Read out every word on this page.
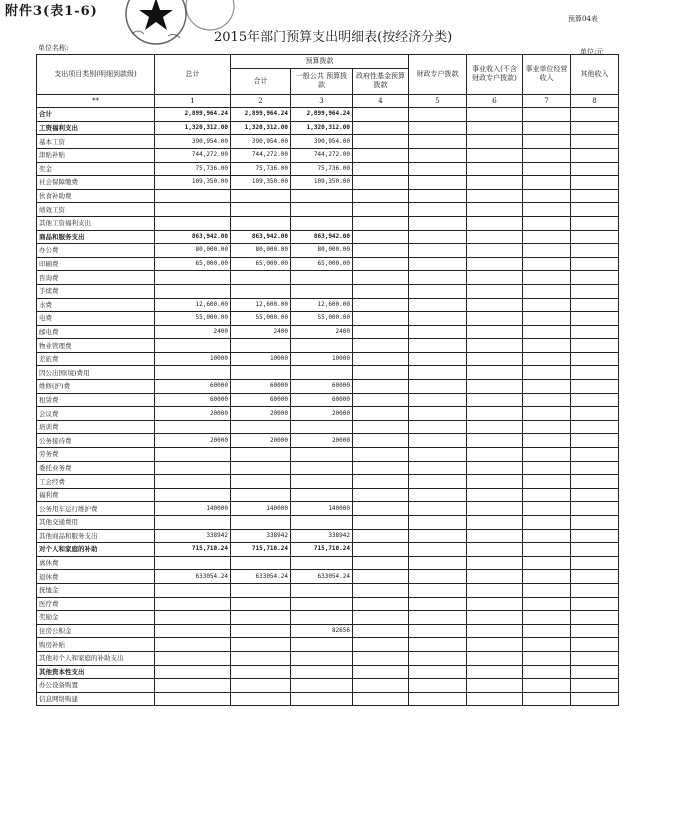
附件3(表1-6)	预算04表
2015年部门预算支出明细表(按经济分类)
单位名称:	单位:元
支出项目类别(明细到款级)	总计	预算拨款			财政专户拨款	事业收入(不含财政专户拨款)	事业单位经营收入	其他收入
		合计	一般公共 预算拨款	政府性基金预算拨款				
**	1	2	3	4	5	6	7	8
合计	2,899,964.24	2,899,964.24	2,899,964.24					
工资福利支出	1,320,312.00	1,320,312.00	1,320,312.00					
基本工资	390,954.00	390,954.00	390,954.00					
津贴补贴	744,272.00	744,272.00	744,272.00					
奖金	75,736.00	75,736.00	75,736.00					
社会保障缴费	109,350.00	109,350.00	109,350.00					
伙食补助费								
绩效工资								
其他工资福利支出								
商品和服务支出	863,942.00	863,942.00	863,942.00					
办公费	80,000.00	80,000.00	80,000.00					
印刷费	65,000.00	65,000.00	65,000.00					
咨询费								
手续费								
水费	12,600.00	12,600.00	12,600.00					
电费	55,000.00	55,000.00	55,000.00					
邮电费	2400	2400	2400					
物业管理费								
差旅费	10000	10000	10000					
因公出国(境)费用								
维修(护)费	60000	60000	60000					
租赁费	60000	60000	60000					
会议费	20000	20000	20000					
培训费								
公务接待费	20000	20000	20000					
劳务费								
委托业务费								
工会经费								
福利费								
公务用车运行维护费	140000	140000	140000					
其他交通费用								
其他商品和服务支出	338942	338942	338942					
对个人和家庭的补助	715,710.24	715,710.24	715,710.24					
离休费								
退休费	633054.24	633054.24	633054.24					
抚恤金								
医疗费								
奖励金								
住房公积金			82656					
购房补贴								
其他对个人和家庭的补助支出								
其他资本性支出								
办公设备购置								
信息网络购建								
